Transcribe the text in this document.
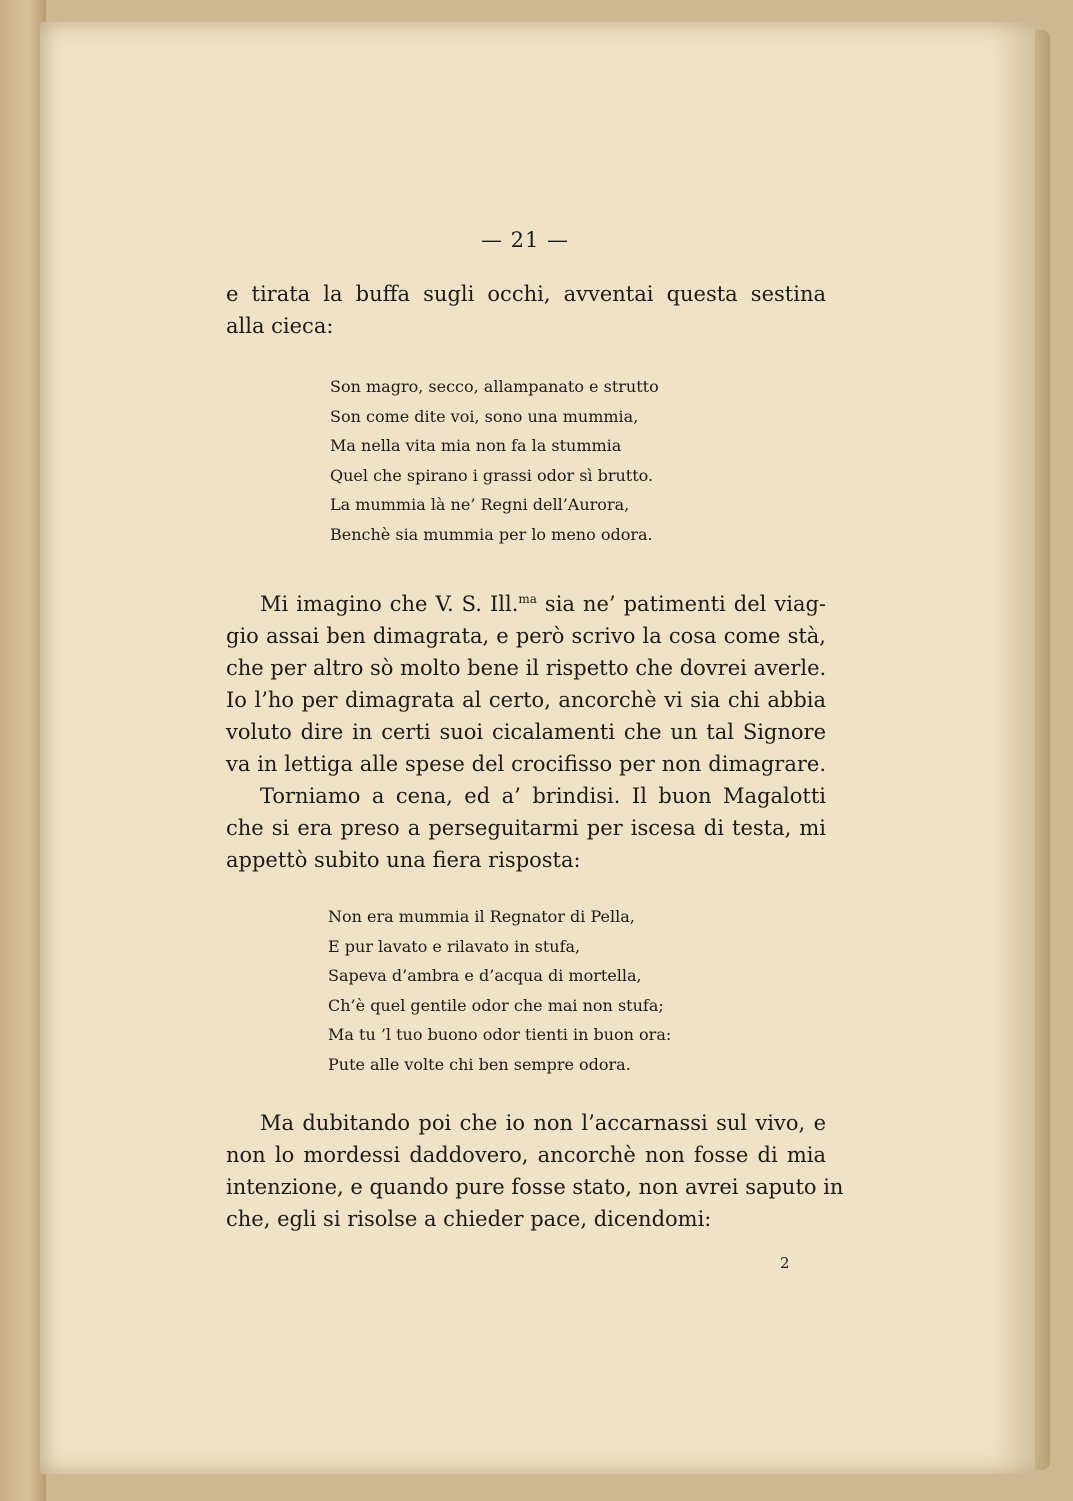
— 21 —
e tirata la buffa sugli occhi, avventai questa sestina
alla cieca:
Son magro, secco, allampanato e strutto
Son come dite voi, sono una mummia,
Ma nella vita mia non fa la stummia
Quel che spirano i grassi odor sì brutto.
La mummia là ne’ Regni dell’Aurora,
Benchè sia mummia per lo meno odora.
Mi imagino che V. S. Ill.$^{ma}$ sia ne’ patimenti del viag-
gio assai ben dimagrata, e però scrivo la cosa come stà,
che per altro sò molto bene il rispetto che dovrei averle.
Io l’ho per dimagrata al certo, ancorchè vi sia chi abbia
voluto dire in certi suoi cicalamenti che un tal Signore
va in lettiga alle spese del crocifisso per non dimagrare.
Torniamo a cena, ed a’ brindisi. Il buon Magalotti
che si era preso a perseguitarmi per iscesa di testa, mi
appettò subito una fiera risposta:
Non era mummia il Regnator di Pella,
E pur lavato e rilavato in stufa,
Sapeva d’ambra e d’acqua di mortella,
Ch’è quel gentile odor che mai non stufa;
Ma tu ’l tuo buono odor tienti in buon ora:
Pute alle volte chi ben sempre odora.
Ma dubitando poi che io non l’accarnassi sul vivo, e
non lo mordessi daddovero, ancorchè non fosse di mia
intenzione, e quando pure fosse stato, non avrei saputo in
che, egli si risolse a chieder pace, dicendomi:
2
